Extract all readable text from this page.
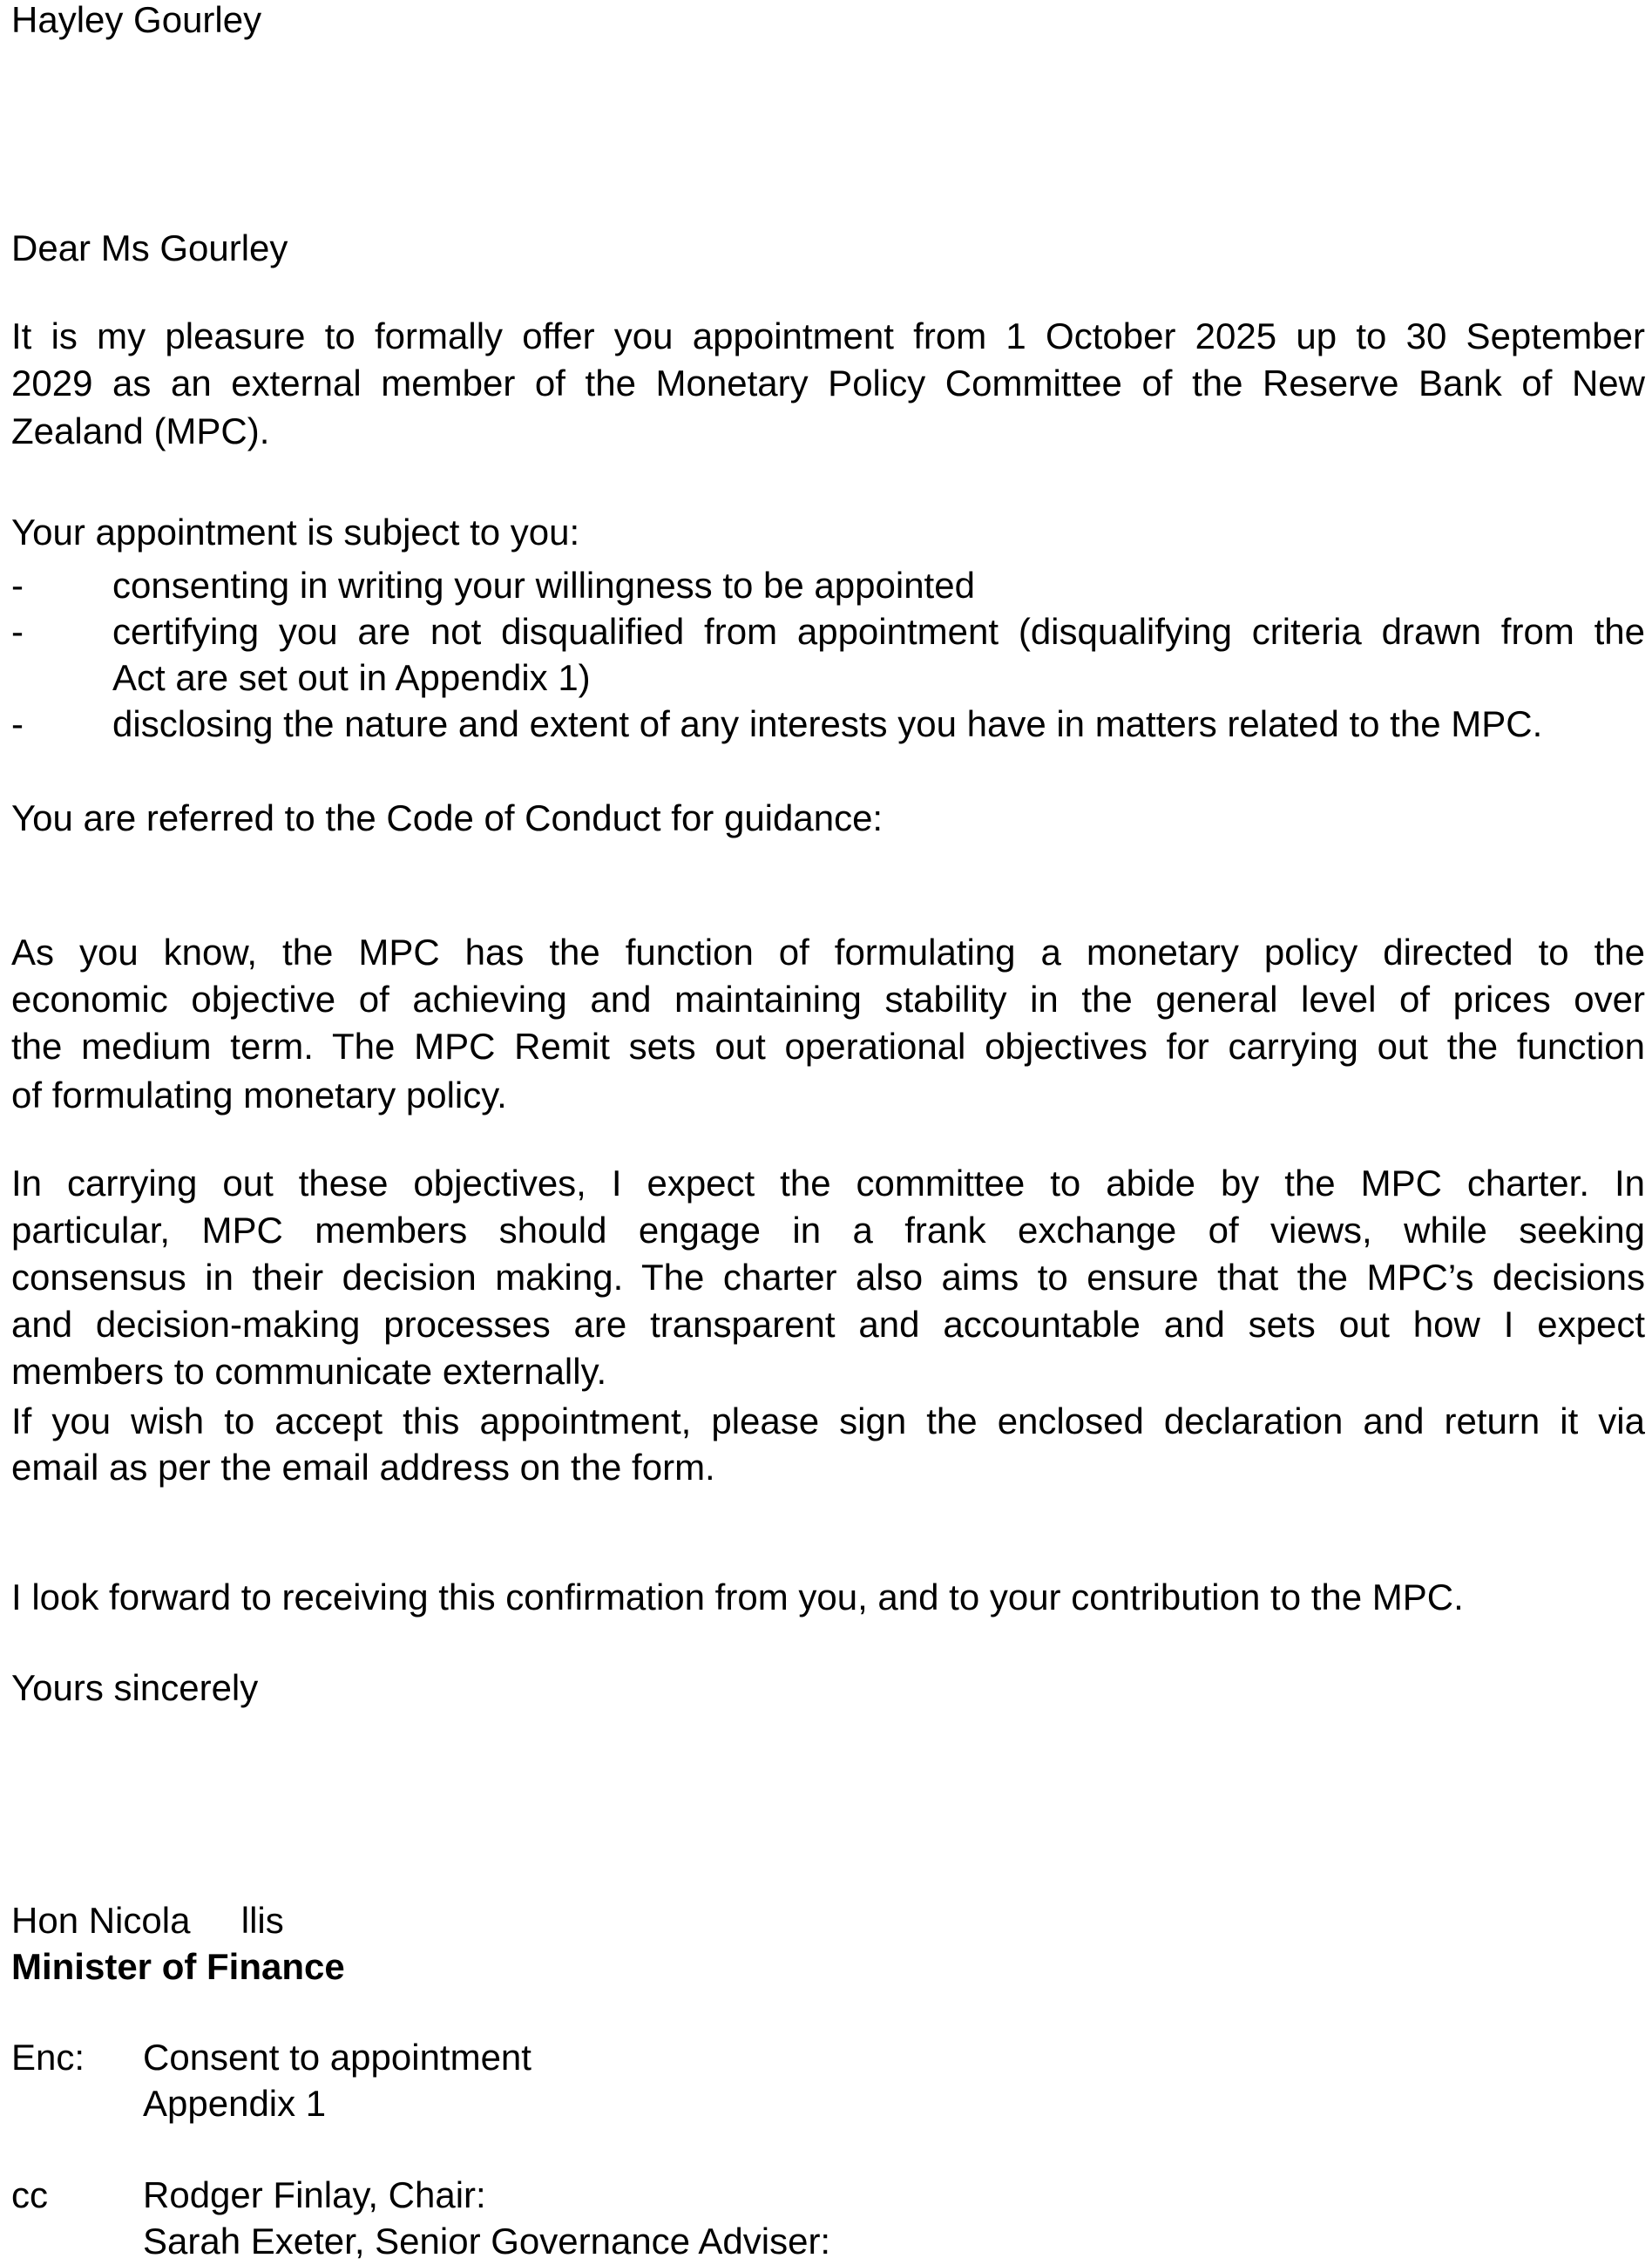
Hayley Gourley
Dear Ms Gourley
It is my pleasure to formally offer you appointment from 1 October 2025 up to 30 September
2029 as an external member of the Monetary Policy Committee of the Reserve Bank of New
Zealand (MPC).
Your appointment is subject to you:
- consenting in writing your willingness to be appointed
- certifying you are not disqualified from appointment (disqualifying criteria drawn from the
Act are set out in Appendix 1)
- disclosing the nature and extent of any interests you have in matters related to the MPC.
You are referred to the Code of Conduct for guidance:
As you know, the MPC has the function of formulating a monetary policy directed to the
economic objective of achieving and maintaining stability in the general level of prices over
the medium term. The MPC Remit sets out operational objectives for carrying out the function
of formulating monetary policy.
In carrying out these objectives, I expect the committee to abide by the MPC charter. In
particular, MPC members should engage in a frank exchange of views, while seeking
consensus in their decision making. The charter also aims to ensure that the MPC’s decisions
and decision-making processes are transparent and accountable and sets out how I expect
members to communicate externally.
If you wish to accept this appointment, please sign the enclosed declaration and return it via
email as per the email address on the form.
I look forward to receiving this confirmation from you, and to your contribution to the MPC.
Yours sincerely
Hon Nicola     llis
Minister of Finance
Enc: Consent to appointment
Appendix 1
cc	Rodger Finlay, Chair:
Sarah Exeter, Senior Governance Adviser:
